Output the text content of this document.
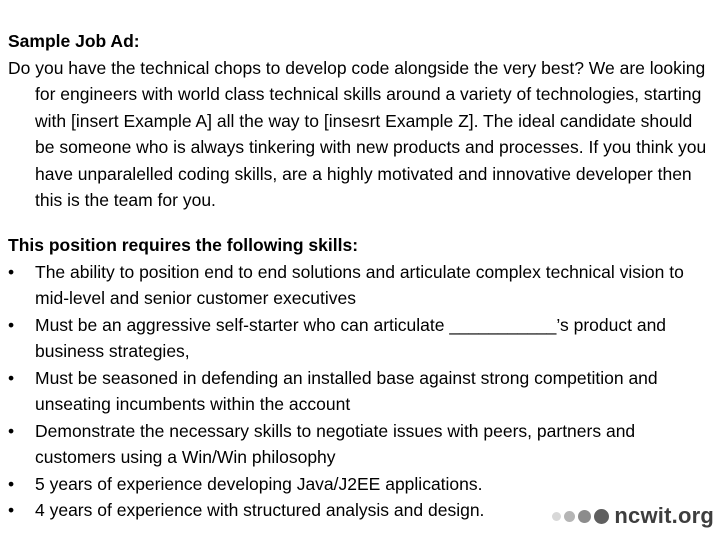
Sample Job Ad:

Do you have the technical chops to develop code alongside the very best? We are looking for engineers with world class technical skills around a variety of technologies, starting with [insert Example A] all the way to [insesrt Example Z]. The ideal candidate should be someone who is always tinkering with new products and processes. If you think you have unparalelled coding skills, are a highly motivated and innovative developer then this is the team for you.

This position requires the following skills:

•	The ability to position end to end solutions and articulate complex technical vision to mid-level and senior customer executives
•	Must be an aggressive self-starter who can articulate ___________’s product and business strategies,
•	Must be seasoned in defending an installed base against strong competition and unseating incumbents within the account
•	Demonstrate the necessary skills to negotiate issues with peers, partners and customers using a Win/Win philosophy
•	5 years of experience developing Java/J2EE applications.
•	4 years of experience with structured analysis and design.	ncwit.org
